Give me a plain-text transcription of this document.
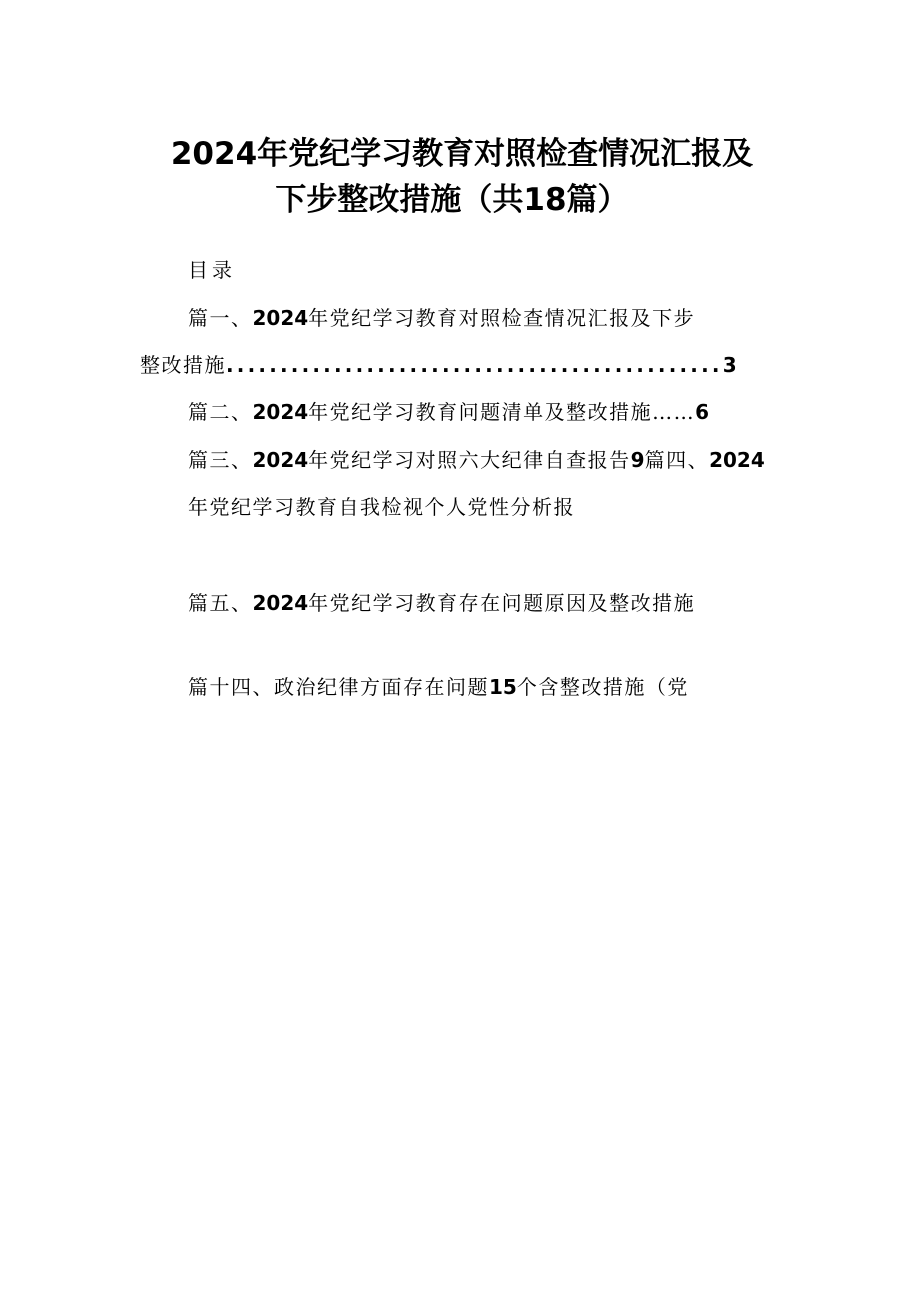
2024年党纪学习教育对照检查情况汇报及
下步整改措施（共18篇）
目录
篇一、2024年党纪学习教育对照检查情况汇报及下步
整改措施..............................................3
篇二、2024年党纪学习教育问题清单及整改措施……6
篇三、2024年党纪学习对照六大纪律自查报告9篇四、2024
年党纪学习教育自我检视个人党性分析报
篇五、2024年党纪学习教育存在问题原因及整改措施
篇十四、政治纪律方面存在问题15个含整改措施（党
